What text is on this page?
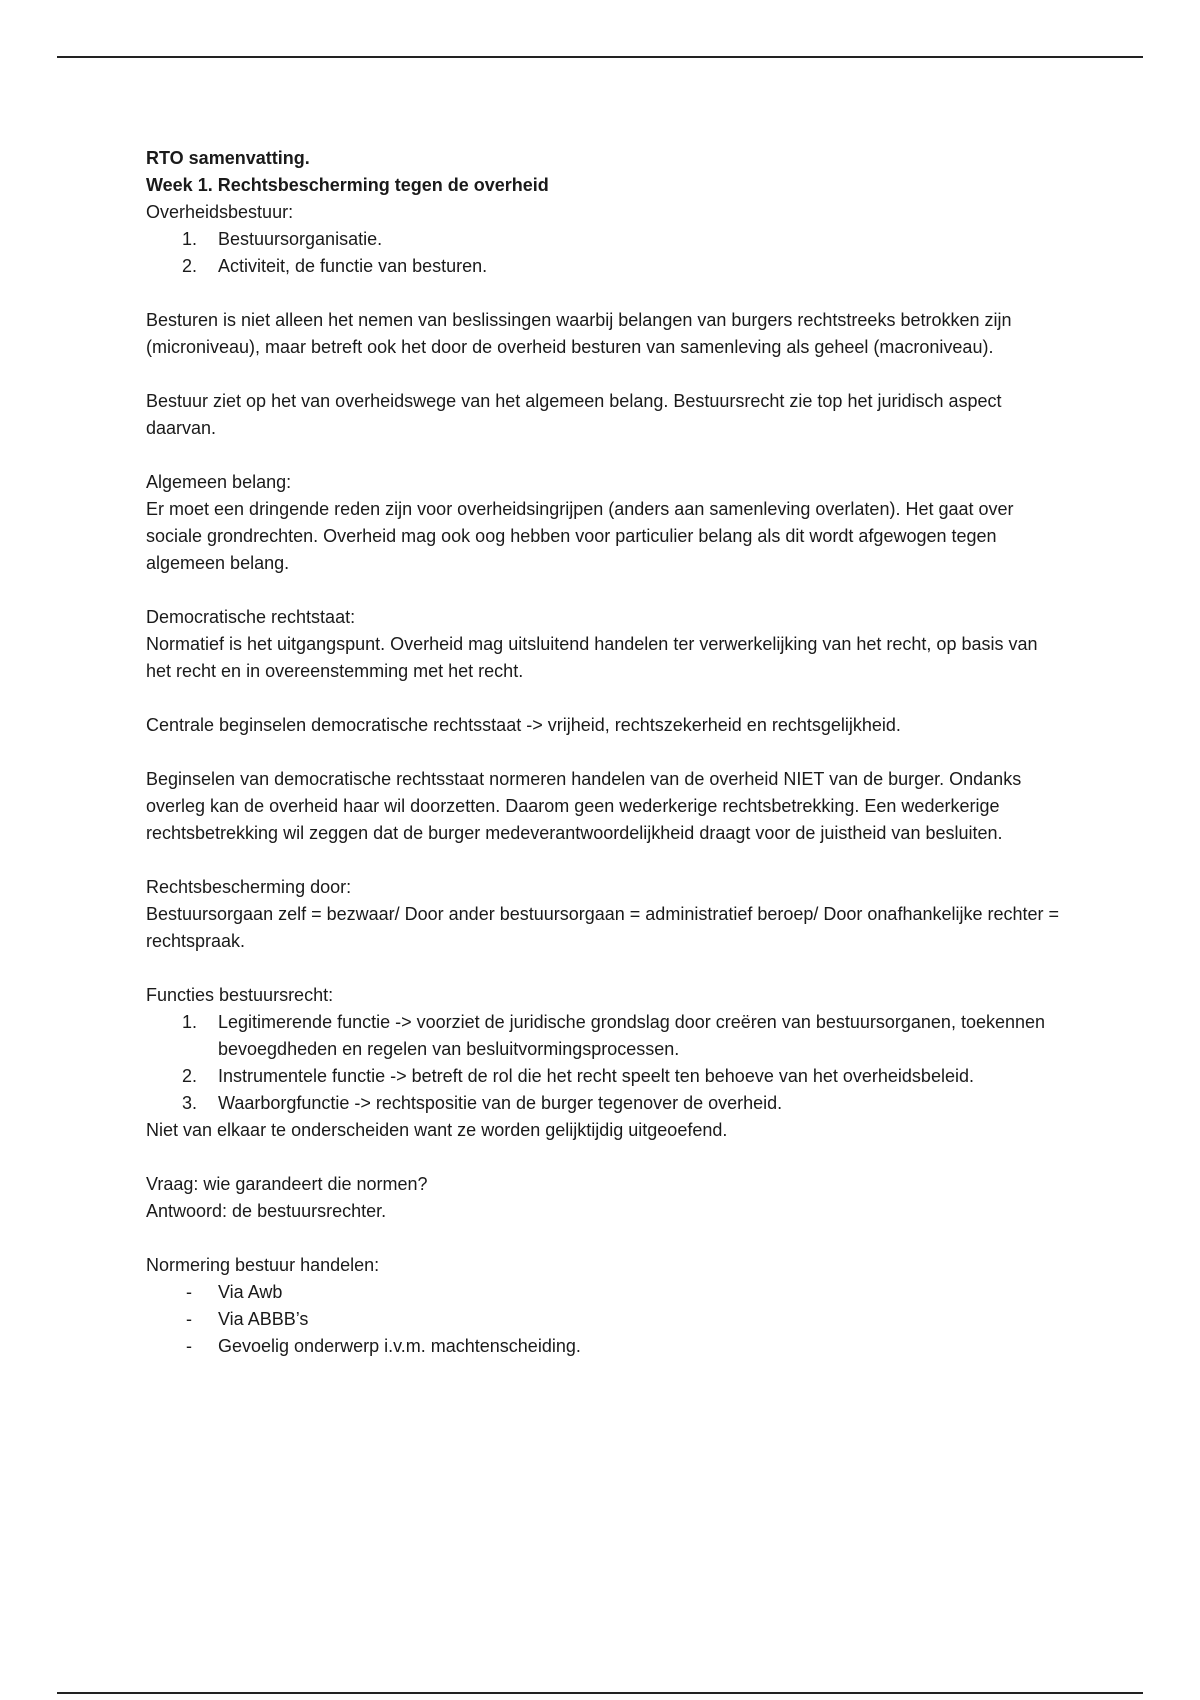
RTO samenvatting.

Week 1. Rechtsbescherming tegen de overheid

Overheidsbestuur:

1. Bestuursorganisatie.
2. Activiteit, de functie van besturen.

Besturen is niet alleen het nemen van beslissingen waarbij belangen van burgers rechtstreeks betrokken zijn (microniveau), maar betreft ook het door de overheid besturen van samenleving als geheel (macroniveau).

Bestuur ziet op het van overheidswege van het algemeen belang. Bestuursrecht zie top het juridisch aspect daarvan.

Algemeen belang:

Er moet een dringende reden zijn voor overheidsingrijpen (anders aan samenleving overlaten). Het gaat over sociale grondrechten. Overheid mag ook oog hebben voor particulier belang als dit wordt afgewogen tegen algemeen belang.

Democratische rechtstaat:

Normatief is het uitgangspunt. Overheid mag uitsluitend handelen ter verwerkelijking van het recht, op basis van het recht en in overeenstemming met het recht.

Centrale beginselen democratische rechtsstaat -> vrijheid, rechtszekerheid en rechtsgelijkheid.

Beginselen van democratische rechtsstaat normeren handelen van de overheid NIET van de burger. Ondanks overleg kan de overheid haar wil doorzetten. Daarom geen wederkerige rechtsbetrekking. Een wederkerige rechtsbetrekking wil zeggen dat de burger medeverantwoordelijkheid draagt voor de juistheid van besluiten.

Rechtsbescherming door:

Bestuursorgaan zelf = bezwaar/ Door ander bestuursorgaan = administratief beroep/ Door onafhankelijke rechter = rechtspraak.

Functies bestuursrecht:

1. Legitimerende functie -> voorziet de juridische grondslag door creëren van bestuursorganen, toekennen bevoegdheden en regelen van besluitvormingsprocessen.
2. Instrumentele functie -> betreft de rol die het recht speelt ten behoeve van het overheidsbeleid.
3. Waarborgfunctie -> rechtspositie van de burger tegenover de overheid.

Niet van elkaar te onderscheiden want ze worden gelijktijdig uitgeoefend.

Vraag: wie garandeert die normen?

Antwoord: de bestuursrechter.

Normering bestuur handelen:

- Via Awb
- Via ABBB’s
- Gevoelig onderwerp i.v.m. machtenscheiding.
